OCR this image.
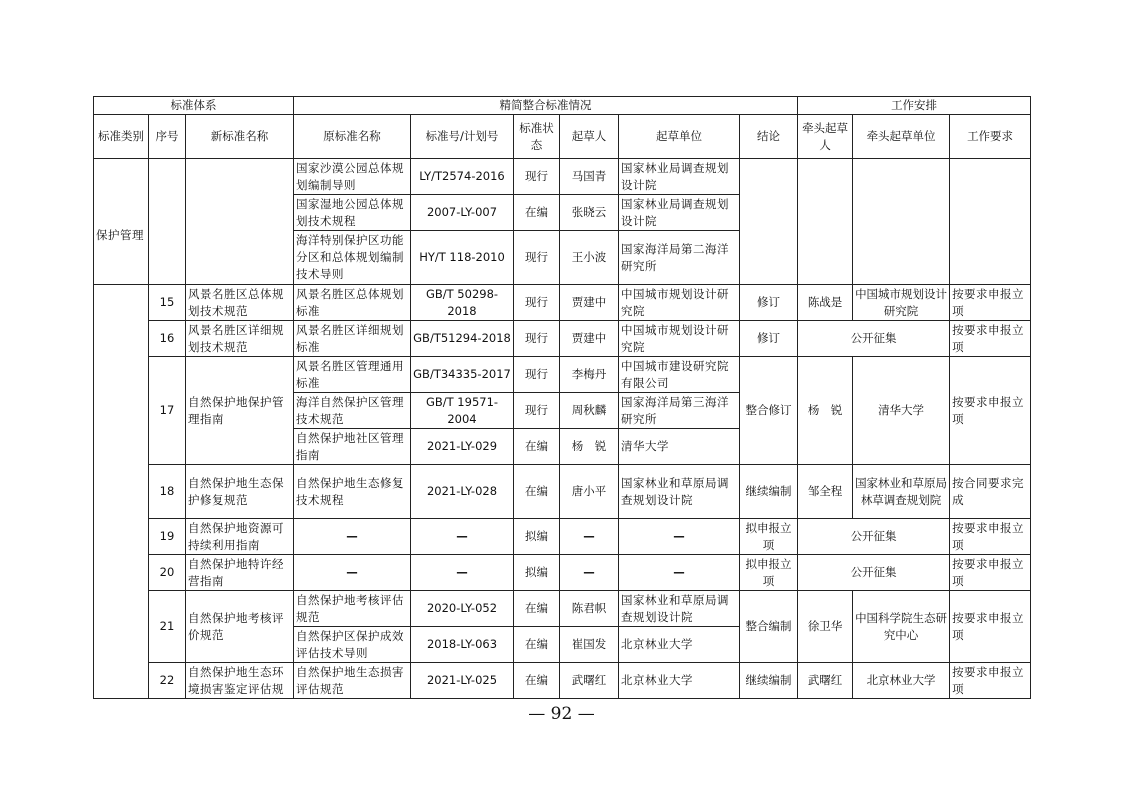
标准体系			精简整合标准情况						工作安排		
标准类别	序号	新标准名称	原标准名称	标准号/计划号	标准状态	起草人	起草单位	结论	牵头起草人	牵头起草单位	工作要求
保护管理			国家沙漠公园总体规划编制导则	LY/T2574-2016	现行	马国青	国家林业局调查规划设计院				
			国家湿地公园总体规划技术规程	2007-LY-007	在编	张晓云	国家林业局调查规划设计院				
			海洋特别保护区功能分区和总体规划编制技术导则	HY/T 118-2010	现行	王小波	国家海洋局第二海洋研究所				
	15	风景名胜区总体规划技术规范	风景名胜区总体规划标准	GB/T 50298-2018	现行	贾建中	中国城市规划设计研究院	修订	陈战是	中国城市规划设计研究院	按要求申报立项
	16	风景名胜区详细规划技术规范	风景名胜区详细规划标准	GB/T51294-2018	现行	贾建中	中国城市规划设计研究院	修订	公开征集		按要求申报立项
	17	自然保护地保护管理指南	风景名胜区管理通用标准	GB/T34335-2017	现行	李梅丹	中国城市建设研究院有限公司	整合修订	杨　锐	清华大学	按要求申报立项
			海洋自然保护区管理技术规范	GB/T 19571-2004	现行	周秋麟	国家海洋局第三海洋研究所				
			自然保护地社区管理指南	2021-LY-029	在编	杨　锐	清华大学				
	18	自然保护地生态保护修复规范	自然保护地生态修复技术规程	2021-LY-028	在编	唐小平	国家林业和草原局调查规划设计院	继续编制	邹全程	国家林业和草原局林草调查规划院	按合同要求完成
	19	自然保护地资源可持续利用指南	—	—	拟编	—	—	拟申报立项	公开征集		按要求申报立项
	20	自然保护地特许经营指南	—	—	拟编	—	—	拟申报立项	公开征集		按要求申报立项
	21	自然保护地考核评价规范	自然保护地考核评估规范	2020-LY-052	在编	陈君帜	国家林业和草原局调查规划设计院	整合编制	徐卫华	中国科学院生态研究中心	按要求申报立项
			自然保护区保护成效评估技术导则	2018-LY-063	在编	崔国发	北京林业大学				
	22	自然保护地生态环境损害鉴定评估规	自然保护地生态损害评估规范	2021-LY-025	在编	武曙红	北京林业大学	继续编制	武曙红	北京林业大学	按要求申报立项
— 92 —
